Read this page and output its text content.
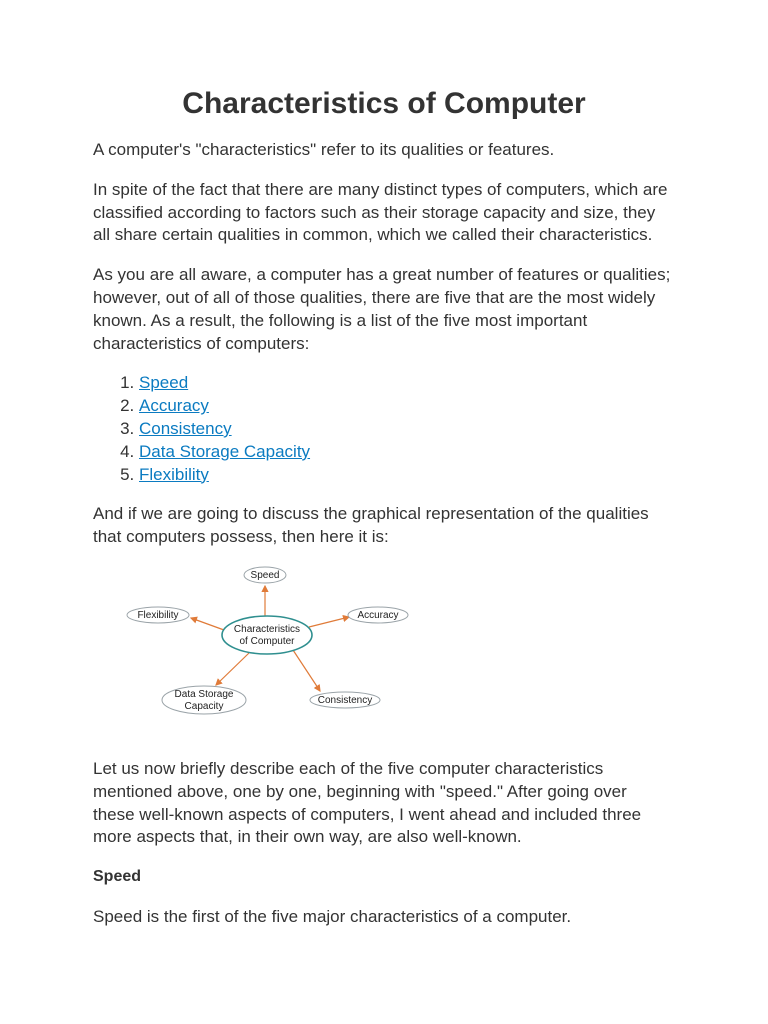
Characteristics of Computer

A computer's "characteristics" refer to its qualities or features.

In spite of the fact that there are many distinct types of computers, which are classified according to factors such as their storage capacity and size, they all share certain qualities in common, which we called their characteristics.

As you are all aware, a computer has a great number of features or qualities; however, out of all of those qualities, there are five that are the most widely known. As a result, the following is a list of the five most important characteristics of computers:

1. Speed
2. Accuracy
3. Consistency
4. Data Storage Capacity
5. Flexibility

And if we are going to discuss the graphical representation of the qualities that computers possess, then here it is:

Characteristics
of Computer
Speed
Accuracy
Flexibility
Data Storage
Capacity
Consistency

Let us now briefly describe each of the five computer characteristics mentioned above, one by one, beginning with "speed." After going over these well-known aspects of computers, I went ahead and included three more aspects that, in their own way, are also well-known.

Speed

Speed is the first of the five major characteristics of a computer.
